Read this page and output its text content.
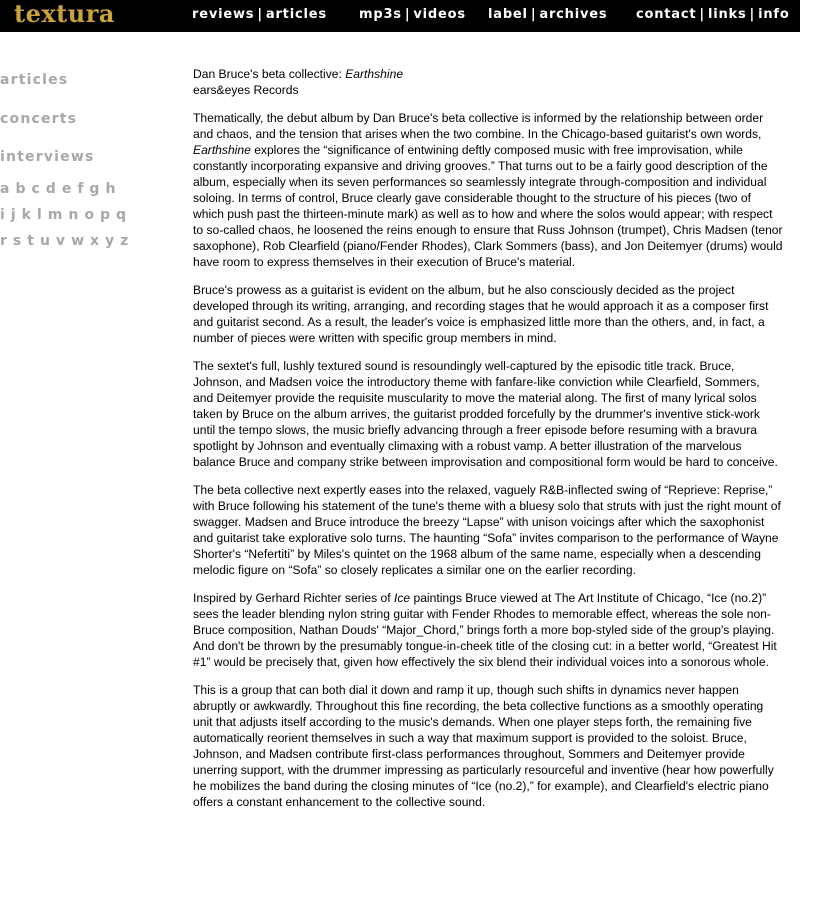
textura	reviews | articles mp3s | videos label | archives contact | links | info
articles
concerts
interviews
a b c d e f g h
i j k l m n o p q
r s t u v w x y z
Dan Bruce's beta collective: Earthshine
ears&eyes Records

Thematically, the debut album by Dan Bruce's beta collective is informed by the relationship between order and chaos, and the tension that arises when the two combine. In the Chicago-based guitarist's own words, Earthshine explores the “significance of entwining deftly composed music with free improvisation, while constantly incorporating expansive and driving grooves.” That turns out to be a fairly good description of the album, especially when its seven performances so seamlessly integrate through-composition and individual soloing. In terms of control, Bruce clearly gave considerable thought to the structure of his pieces (two of which push past the thirteen-minute mark) as well as to how and where the solos would appear; with respect to so-called chaos, he loosened the reins enough to ensure that Russ Johnson (trumpet), Chris Madsen (tenor saxophone), Rob Clearfield (piano/Fender Rhodes), Clark Sommers (bass), and Jon Deitemyer (drums) would have room to express themselves in their execution of Bruce's material.

Bruce's prowess as a guitarist is evident on the album, but he also consciously decided as the project developed through its writing, arranging, and recording stages that he would approach it as a composer first and guitarist second. As a result, the leader's voice is emphasized little more than the others, and, in fact, a number of pieces were written with specific group members in mind.

The sextet's full, lushly textured sound is resoundingly well-captured by the episodic title track. Bruce, Johnson, and Madsen voice the introductory theme with fanfare-like conviction while Clearfield, Sommers, and Deitemyer provide the requisite muscularity to move the material along. The first of many lyrical solos taken by Bruce on the album arrives, the guitarist prodded forcefully by the drummer's inventive stick-work until the tempo slows, the music briefly advancing through a freer episode before resuming with a bravura spotlight by Johnson and eventually climaxing with a robust vamp. A better illustration of the marvelous balance Bruce and company strike between improvisation and compositional form would be hard to conceive.

The beta collective next expertly eases into the relaxed, vaguely R&B-inflected swing of “Reprieve: Reprise,” with Bruce following his statement of the tune's theme with a bluesy solo that struts with just the right mount of swagger. Madsen and Bruce introduce the breezy “Lapse” with unison voicings after which the saxophonist and guitarist take explorative solo turns. The haunting “Sofa” invites comparison to the performance of Wayne Shorter's “Nefertiti” by Miles's quintet on the 1968 album of the same name, especially when a descending melodic figure on “Sofa” so closely replicates a similar one on the earlier recording.

Inspired by Gerhard Richter series of Ice paintings Bruce viewed at The Art Institute of Chicago, “Ice (no.2)” sees the leader blending nylon string guitar with Fender Rhodes to memorable effect, whereas the sole non-Bruce composition, Nathan Douds' “Major_Chord,” brings forth a more bop-styled side of the group's playing. And don't be thrown by the presumably tongue-in-cheek title of the closing cut: in a better world, “Greatest Hit #1” would be precisely that, given how effectively the six blend their individual voices into a sonorous whole.

This is a group that can both dial it down and ramp it up, though such shifts in dynamics never happen abruptly or awkwardly. Throughout this fine recording, the beta collective functions as a smoothly operating unit that adjusts itself according to the music's demands. When one player steps forth, the remaining five automatically reorient themselves in such a way that maximum support is provided to the soloist. Bruce, Johnson, and Madsen contribute first-class performances throughout, Sommers and Deitemyer provide unerring support, with the drummer impressing as particularly resourceful and inventive (hear how powerfully he mobilizes the band during the closing minutes of “Ice (no.2),” for example), and Clearfield's electric piano offers a constant enhancement to the collective sound.
